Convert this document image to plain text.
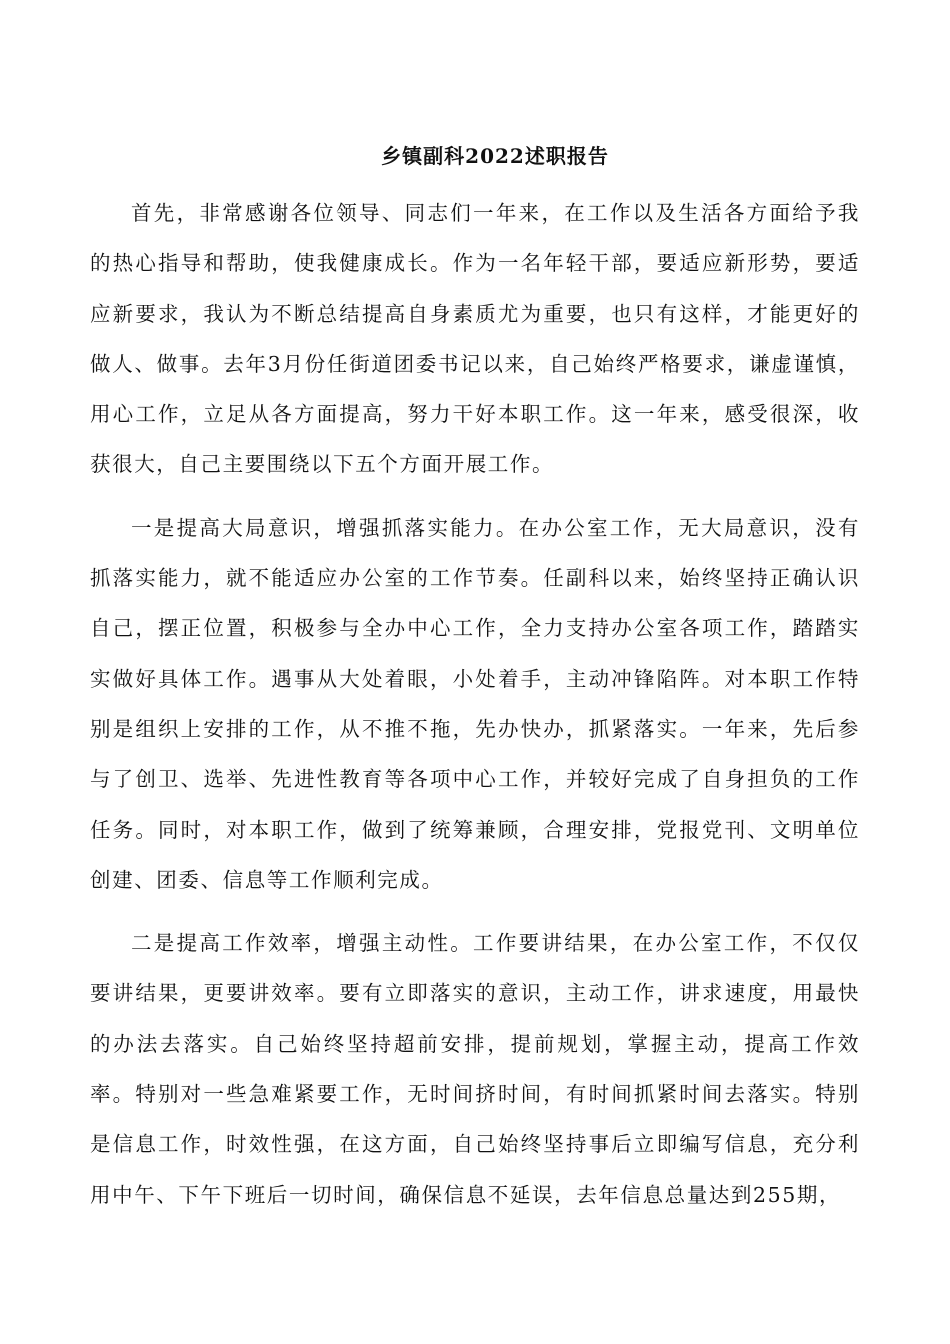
乡镇副科2022述职报告

首先，非常感谢各位领导、同志们一年来，在工作以及生活各方面给予我的热心指导和帮助，使我健康成长。作为一名年轻干部，要适应新形势，要适应新要求，我认为不断总结提高自身素质尤为重要，也只有这样，才能更好的做人、做事。去年3月份任街道团委书记以来，自己始终严格要求，谦虚谨慎，用心工作，立足从各方面提高，努力干好本职工作。这一年来，感受很深，收获很大，自己主要围绕以下五个方面开展工作。

一是提高大局意识，增强抓落实能力。在办公室工作，无大局意识，没有抓落实能力，就不能适应办公室的工作节奏。任副科以来，始终坚持正确认识自己，摆正位置，积极参与全办中心工作，全力支持办公室各项工作，踏踏实实做好具体工作。遇事从大处着眼，小处着手，主动冲锋陷阵。对本职工作特别是组织上安排的工作，从不推不拖，先办快办，抓紧落实。一年来，先后参与了创卫、选举、先进性教育等各项中心工作，并较好完成了自身担负的工作任务。同时，对本职工作，做到了统筹兼顾，合理安排，党报党刊、文明单位创建、团委、信息等工作顺利完成。

二是提高工作效率，增强主动性。工作要讲结果，在办公室工作，不仅仅要讲结果，更要讲效率。要有立即落实的意识，主动工作，讲求速度，用最快的办法去落实。自己始终坚持超前安排，提前规划，掌握主动，提高工作效率。特别对一些急难紧要工作，无时间挤时间，有时间抓紧时间去落实。特别是信息工作，时效性强，在这方面，自己始终坚持事后立即编写信息，充分利用中午、下午下班后一切时间，确保信息不延误，去年信息总量达到255期，
